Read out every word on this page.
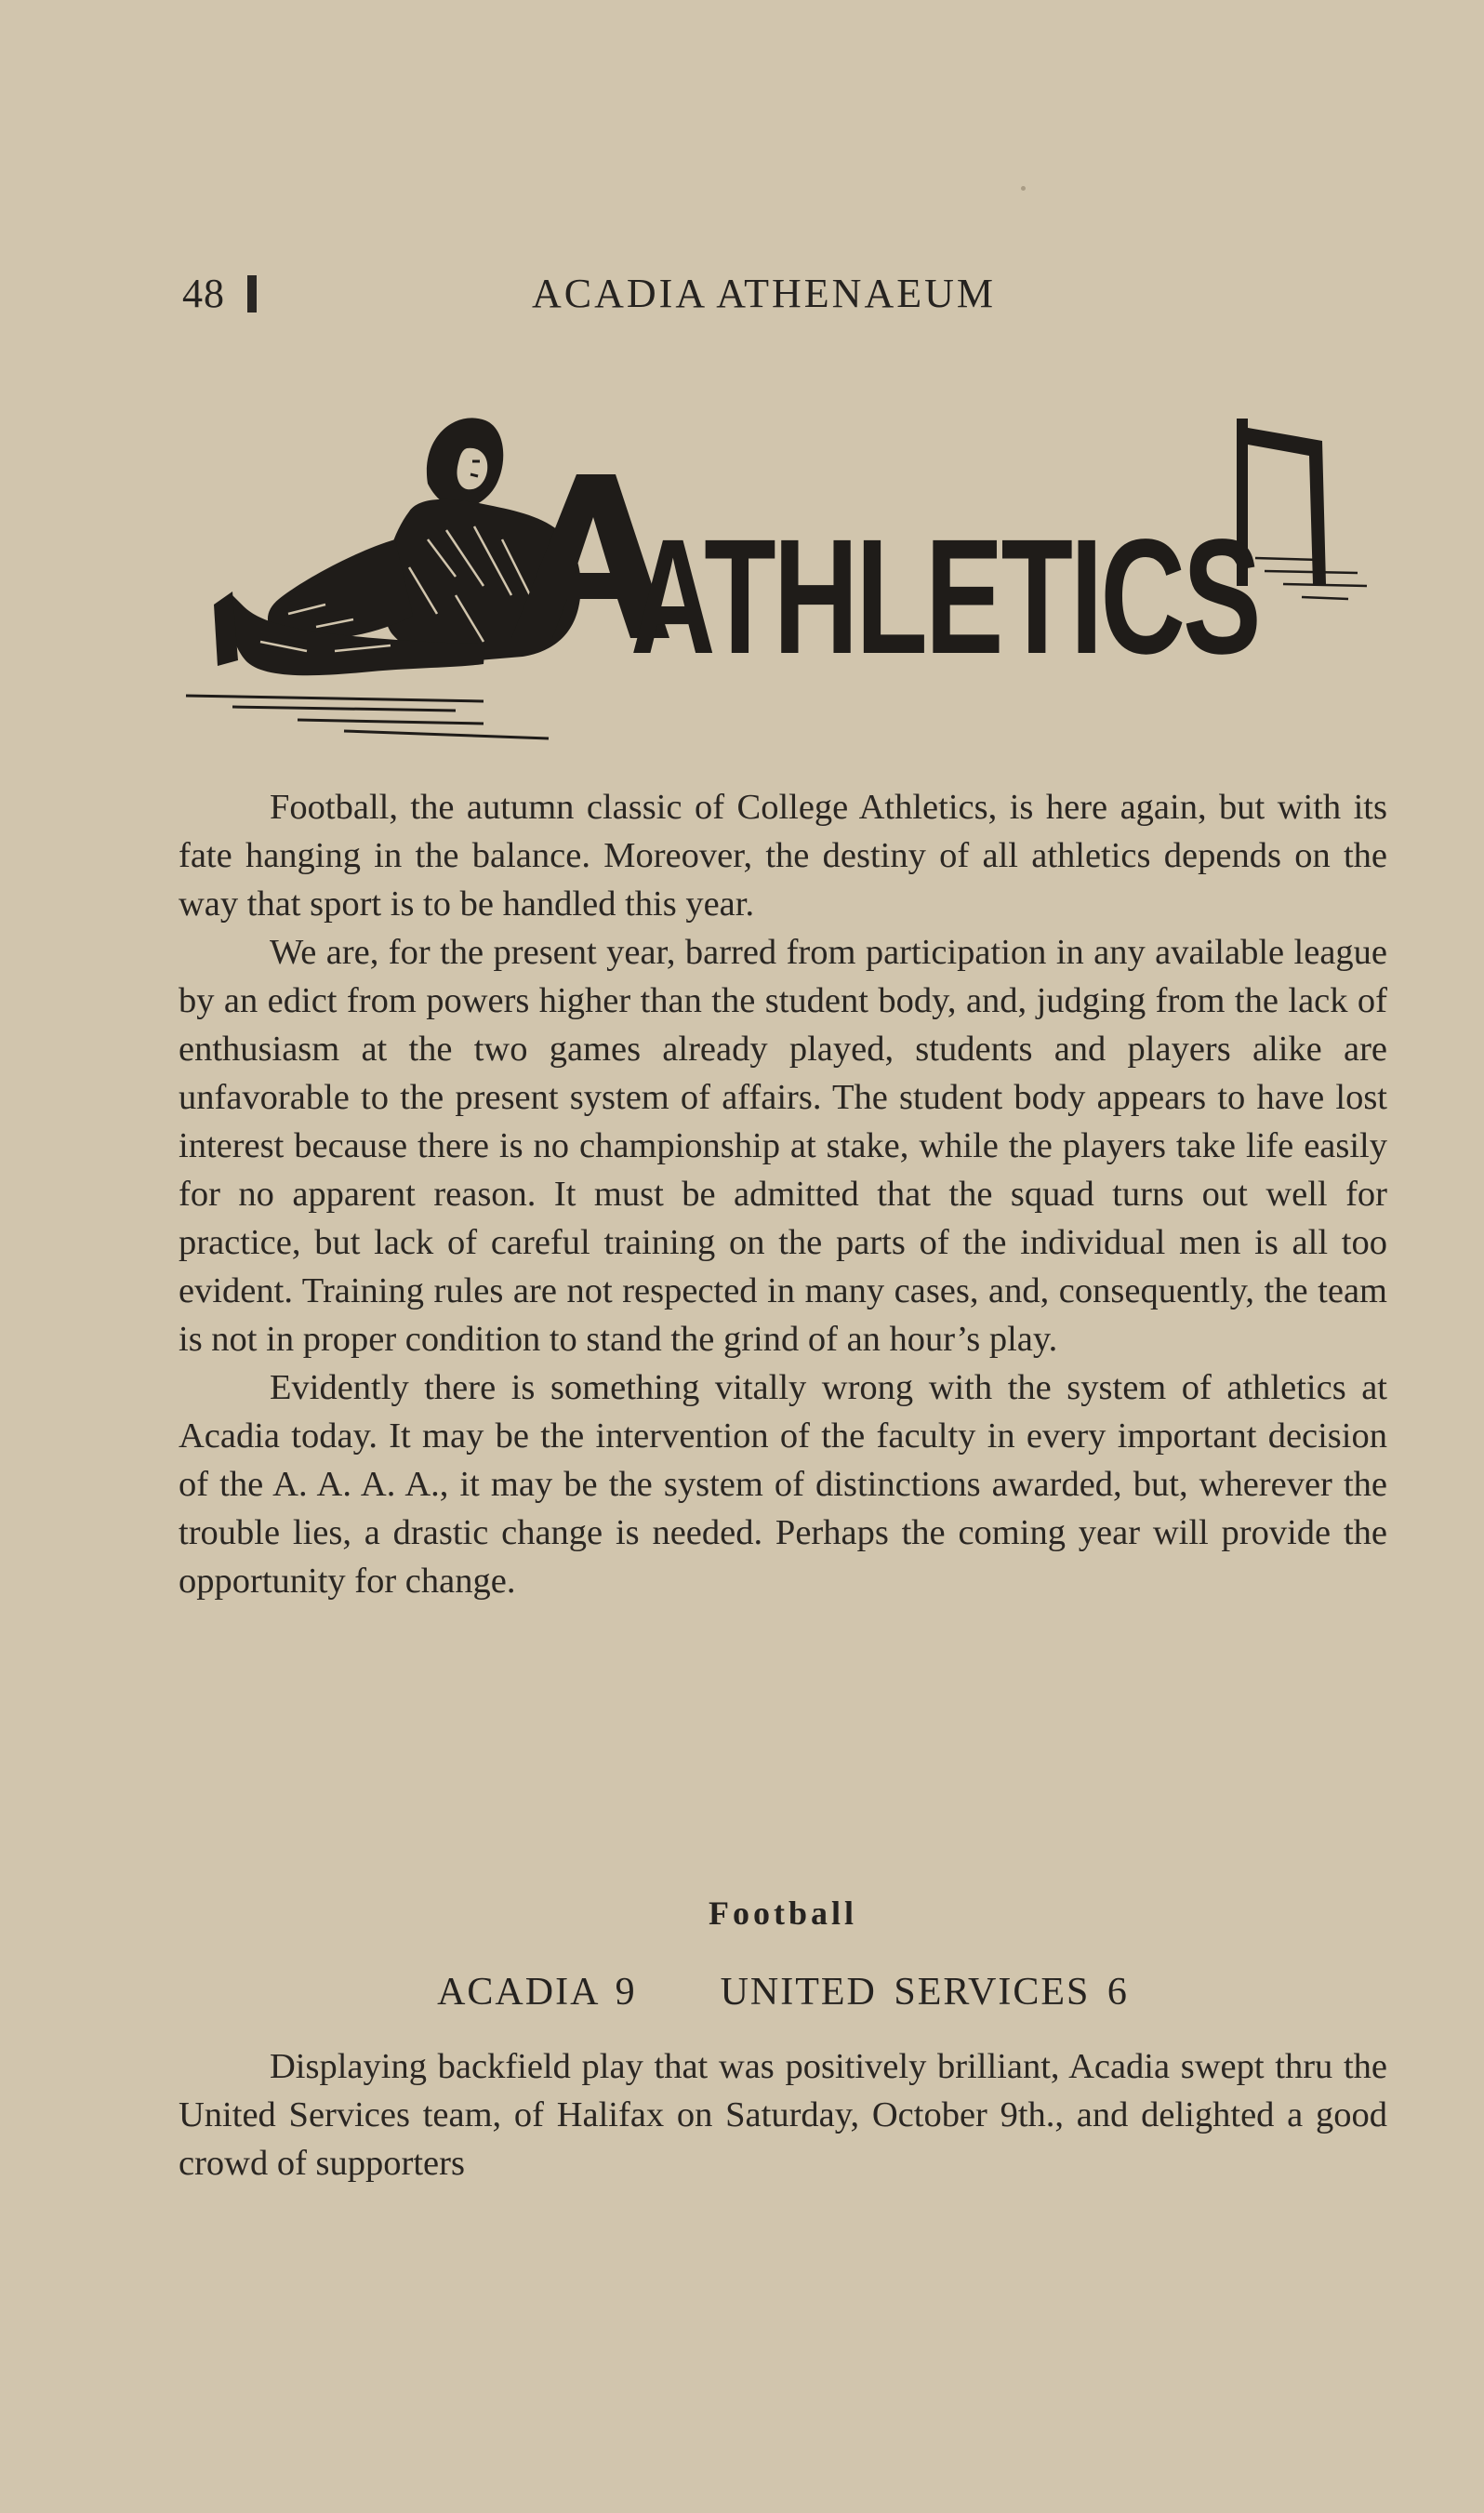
48	ACADIA ATHENAEUM
ATHLETICS

Football, the autumn classic of College Athletics, is here again, but with its fate hanging in the balance. Moreover, the destiny of all athletics depends on the way that sport is to be handled this year.

We are, for the present year, barred from participation in any available league by an edict from powers higher than the student body, and, judging from the lack of enthusiasm at the two games already played, students and players alike are unfavorable to the present system of affairs. The student body appears to have lost interest because there is no championship at stake, while the players take life easily for no apparent reason. It must be admitted that the squad turns out well for practice, but lack of careful training on the parts of the individual men is all too evident. Training rules are not respected in many cases, and, consequently, the team is not in proper condition to stand the grind of an hour’s play.

Evidently there is something vitally wrong with the system of athletics at Acadia today. It may be the intervention of the faculty in every important decision of the A. A. A. A., it may be the system of distinctions awarded, but, wherever the trouble lies, a drastic change is needed. Perhaps the coming year will provide the opportunity for change.

Football
ACADIA 9 UNITED SERVICES 6

Displaying backfield play that was positively brilliant, Acadia swept thru the United Services team, of Halifax on Saturday, October 9th., and delighted a good crowd of supporters
